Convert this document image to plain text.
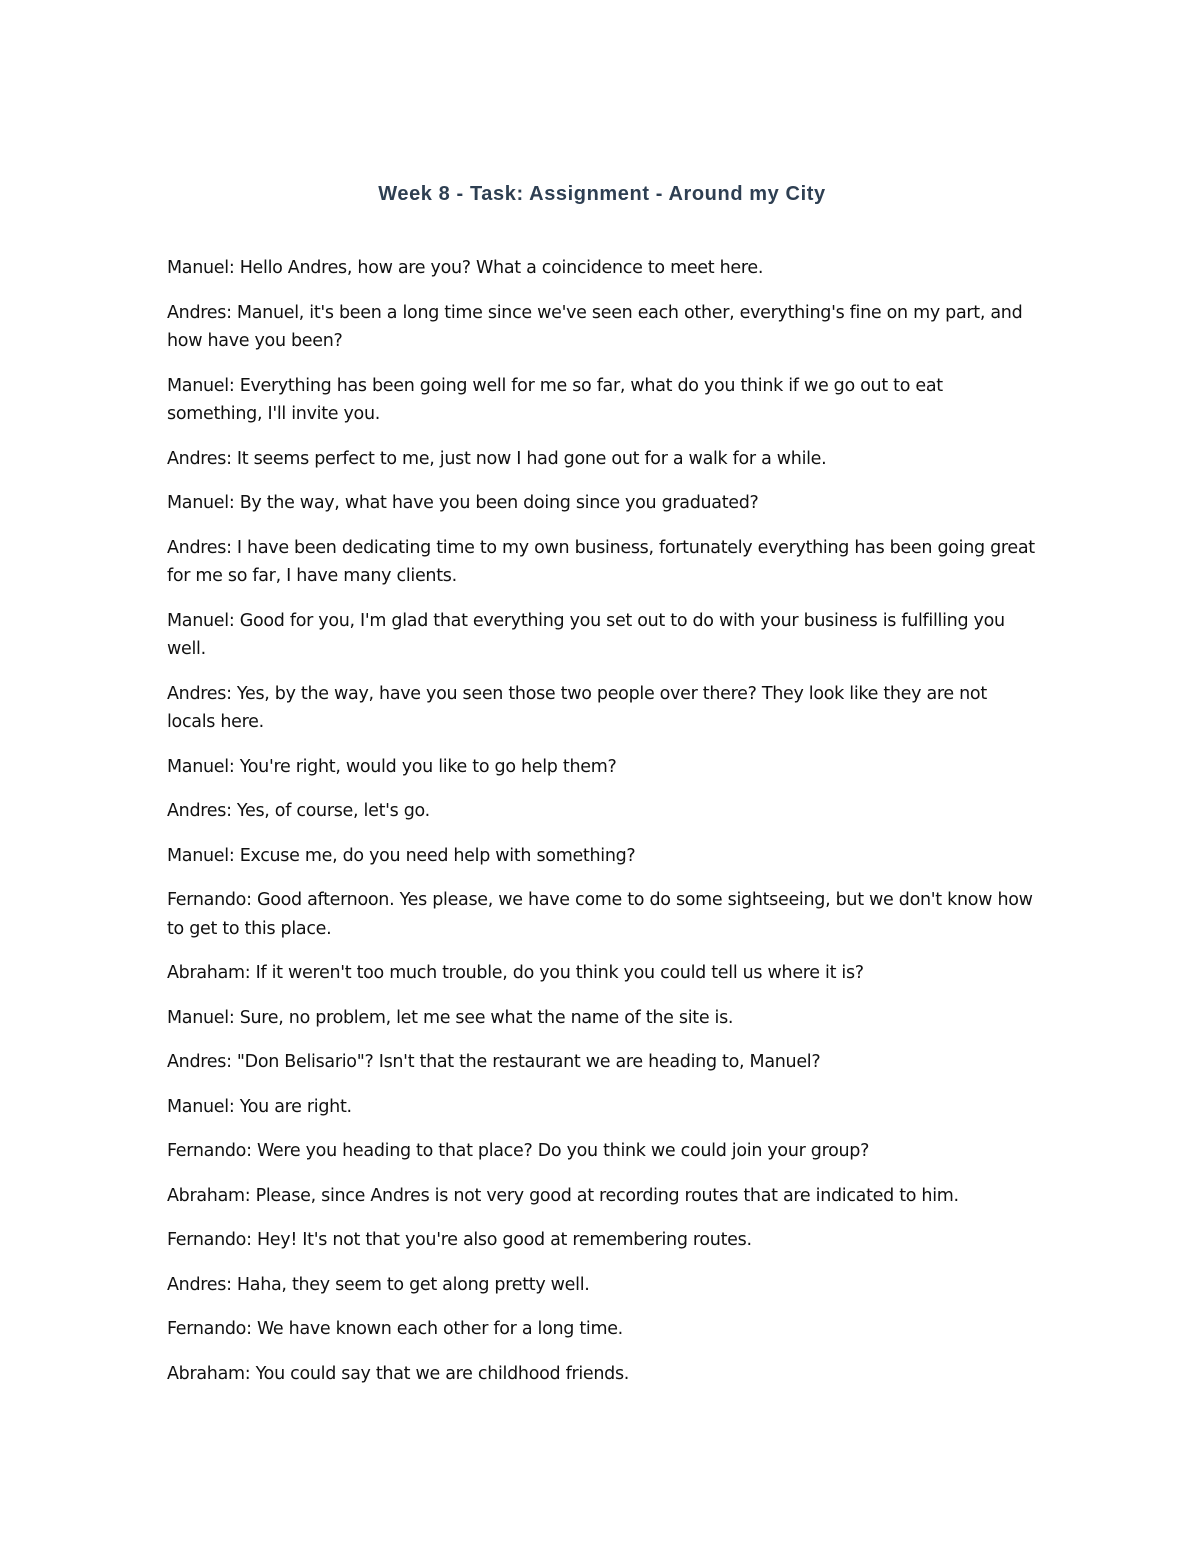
Week 8 - Task: Assignment - Around my City

Manuel: Hello Andres, how are you? What a coincidence to meet here.

Andres: Manuel, it's been a long time since we've seen each other, everything's fine on my part, and how have you been?

Manuel: Everything has been going well for me so far, what do you think if we go out to eat something, I'll invite you.

Andres: It seems perfect to me, just now I had gone out for a walk for a while.

Manuel: By the way, what have you been doing since you graduated?

Andres: I have been dedicating time to my own business, fortunately everything has been going great for me so far, I have many clients.

Manuel: Good for you, I'm glad that everything you set out to do with your business is fulfilling you well.

Andres: Yes, by the way, have you seen those two people over there? They look like they are not locals here.

Manuel: You're right, would you like to go help them?

Andres: Yes, of course, let's go.

Manuel: Excuse me, do you need help with something?

Fernando: Good afternoon. Yes please, we have come to do some sightseeing, but we don't know how to get to this place.

Abraham: If it weren't too much trouble, do you think you could tell us where it is?

Manuel: Sure, no problem, let me see what the name of the site is.

Andres: "Don Belisario"? Isn't that the restaurant we are heading to, Manuel?

Manuel: You are right.

Fernando: Were you heading to that place? Do you think we could join your group?

Abraham: Please, since Andres is not very good at recording routes that are indicated to him.

Fernando: Hey! It's not that you're also good at remembering routes.

Andres: Haha, they seem to get along pretty well.

Fernando: We have known each other for a long time.

Abraham: You could say that we are childhood friends.
